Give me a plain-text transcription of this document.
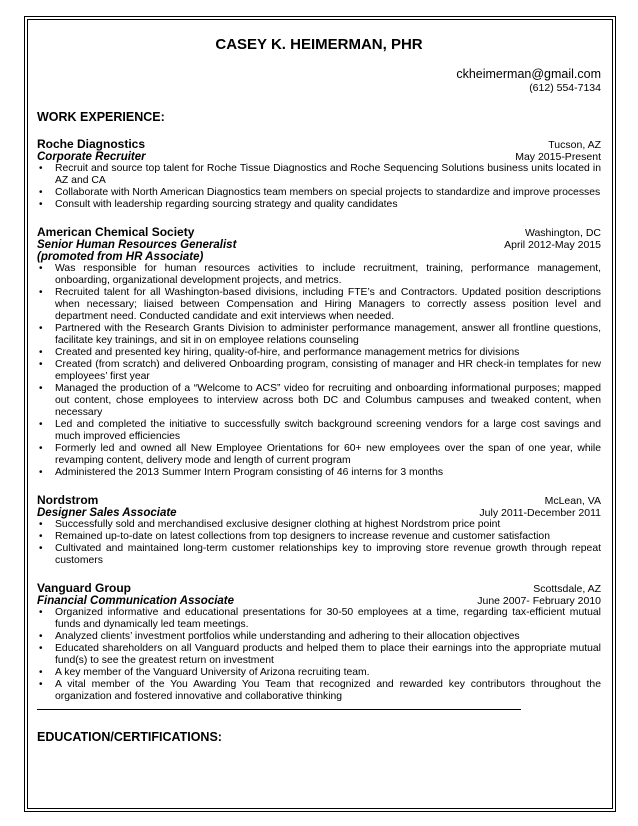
CASEY K. HEIMERMAN, PHR
ckheimerman@gmail.com
(612) 554-7134
WORK EXPERIENCE:
Roche Diagnostics	Tucson, AZ
Corporate Recruiter	May 2015-Present
• Recruit and source top talent for Roche Tissue Diagnostics and Roche Sequencing Solutions business units located in AZ and CA
• Collaborate with North American Diagnostics team members on special projects to standardize and improve processes
• Consult with leadership regarding sourcing strategy and quality candidates
American Chemical Society	Washington, DC
Senior Human Resources Generalist	April 2012-May 2015
(promoted from HR Associate)
• Was responsible for human resources activities to include recruitment, training, performance management, onboarding, organizational development projects, and metrics.
• Recruited talent for all Washington-based divisions, including FTE’s and Contractors. Updated position descriptions when necessary; liaised between Compensation and Hiring Managers to correctly assess position level and department need. Conducted candidate and exit interviews when needed.
• Partnered with the Research Grants Division to administer performance management, answer all frontline questions, facilitate key trainings, and sit in on employee relations counseling
• Created and presented key hiring, quality-of-hire, and performance management metrics for divisions
• Created (from scratch) and delivered Onboarding program, consisting of manager and HR check-in templates for new employees’ first year
• Managed the production of a “Welcome to ACS” video for recruiting and onboarding informational purposes; mapped out content, chose employees to interview across both DC and Columbus campuses and tweaked content, when necessary
• Led and completed the initiative to successfully switch background screening vendors for a large cost savings and much improved efficiencies
• Formerly led and owned all New Employee Orientations for 60+ new employees over the span of one year, while revamping content, delivery mode and length of current program
• Administered the 2013 Summer Intern Program consisting of 46 interns for 3 months
Nordstrom	McLean, VA
Designer Sales Associate	July 2011-December 2011
• Successfully sold and merchandised exclusive designer clothing at highest Nordstrom price point
• Remained up-to-date on latest collections from top designers to increase revenue and customer satisfaction
• Cultivated and maintained long-term customer relationships key to improving store revenue growth through repeat customers
Vanguard Group	Scottsdale, AZ
Financial Communication Associate	June 2007- February 2010
• Organized informative and educational presentations for 30-50 employees at a time, regarding tax-efficient mutual funds and dynamically led team meetings.
• Analyzed clients’ investment portfolios while understanding and adhering to their allocation objectives
• Educated shareholders on all Vanguard products and helped them to place their earnings into the appropriate mutual fund(s) to see the greatest return on investment
• A key member of the Vanguard University of Arizona recruiting team.
• A vital member of the You Awarding You Team that recognized and rewarded key contributors throughout the organization and fostered innovative and collaborative thinking
EDUCATION/CERTIFICATIONS:
